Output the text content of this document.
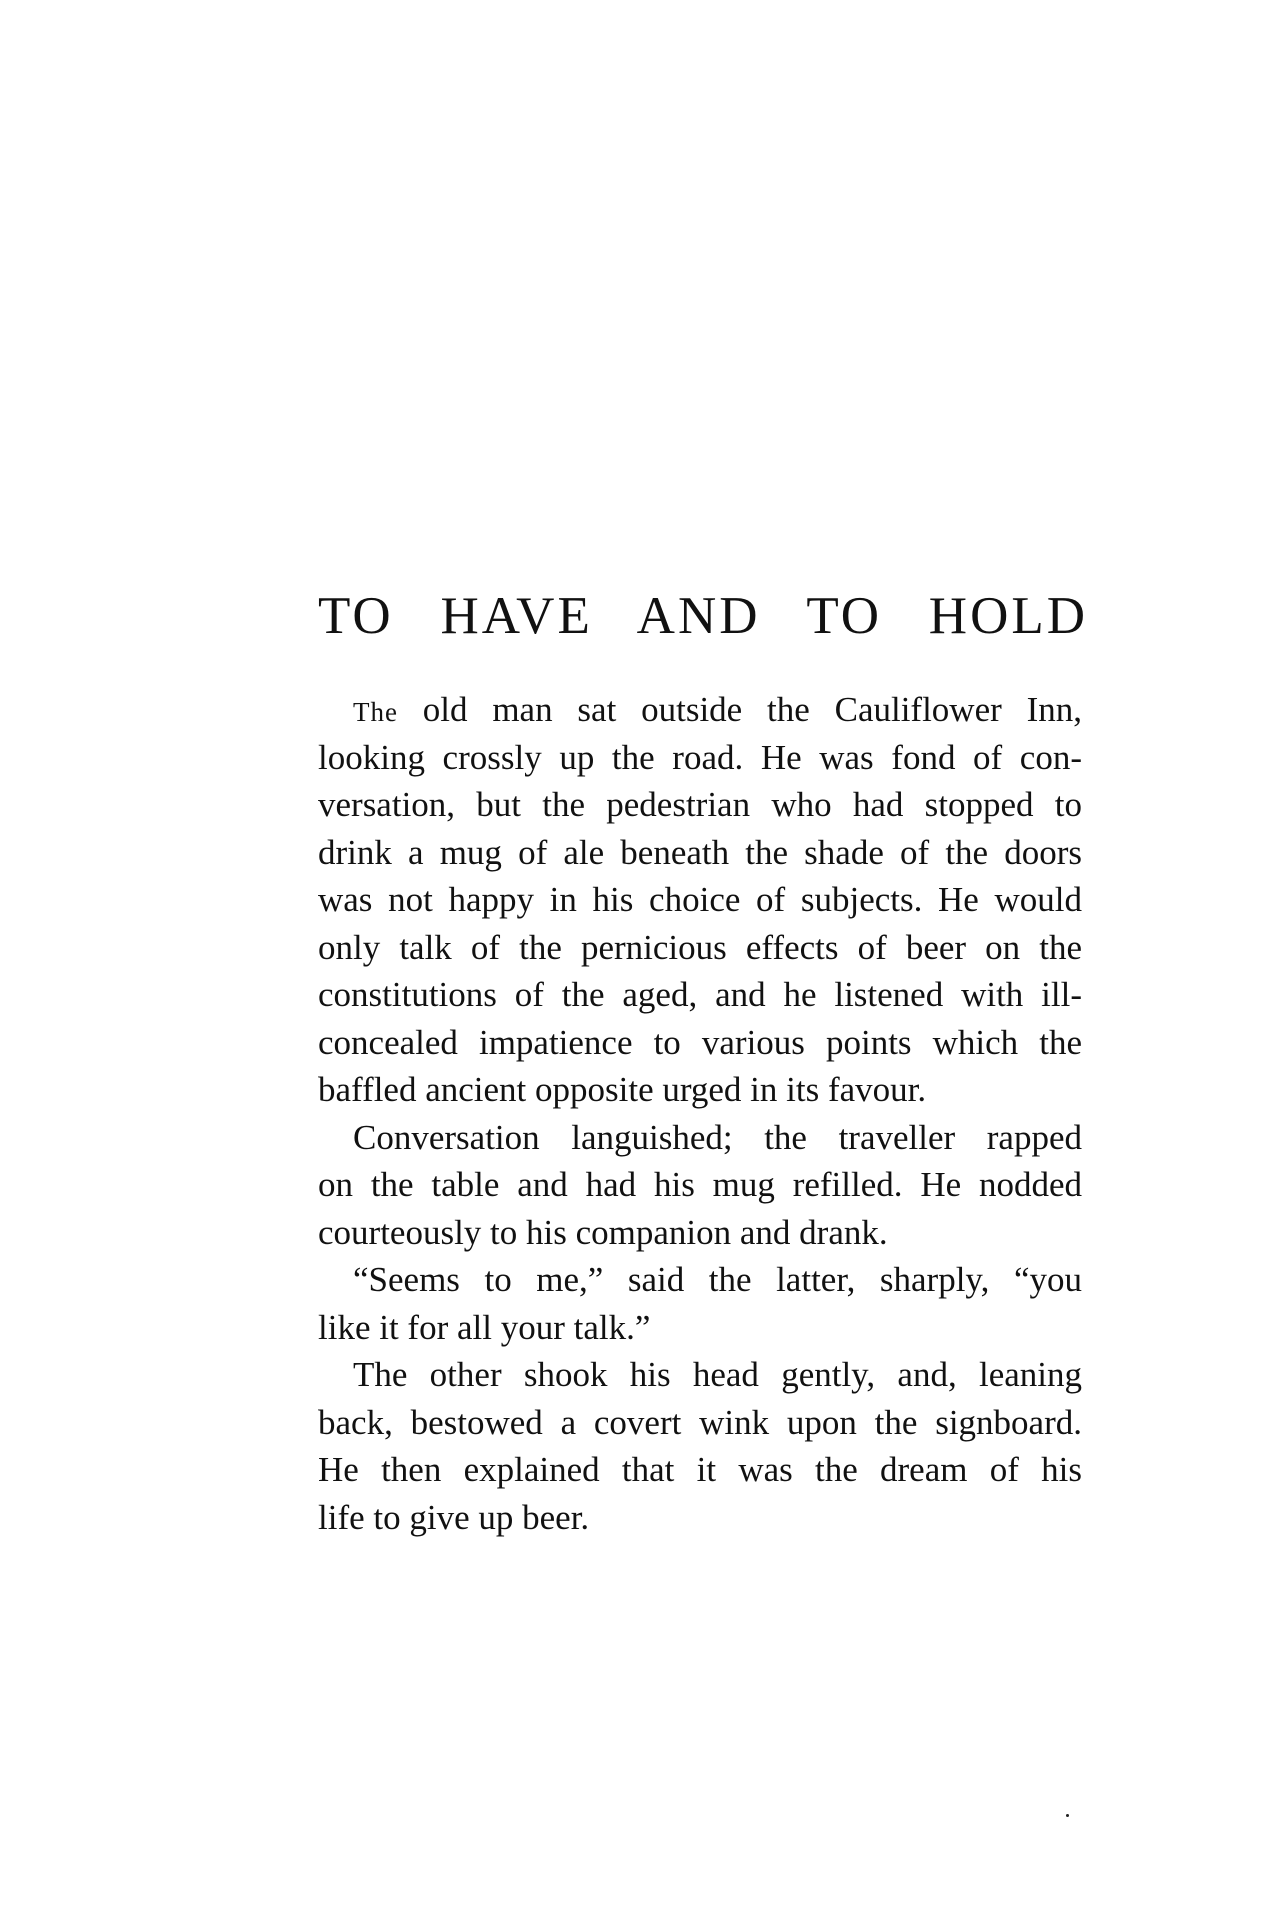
TO HAVE AND TO HOLD
The old man sat outside the Cauliflower Inn,
looking crossly up the road. He was fond of con-
versation, but the pedestrian who had stopped to
drink a mug of ale beneath the shade of the doors
was not happy in his choice of subjects. He would
only talk of the pernicious effects of beer on the
constitutions of the aged, and he listened with ill-
concealed impatience to various points which the
baffled ancient opposite urged in its favour.
Conversation languished; the traveller rapped
on the table and had his mug refilled. He nodded
courteously to his companion and drank.
“Seems to me,” said the latter, sharply, “you
like it for all your talk.”
The other shook his head gently, and, leaning
back, bestowed a covert wink upon the signboard.
He then explained that it was the dream of his
life to give up beer.
